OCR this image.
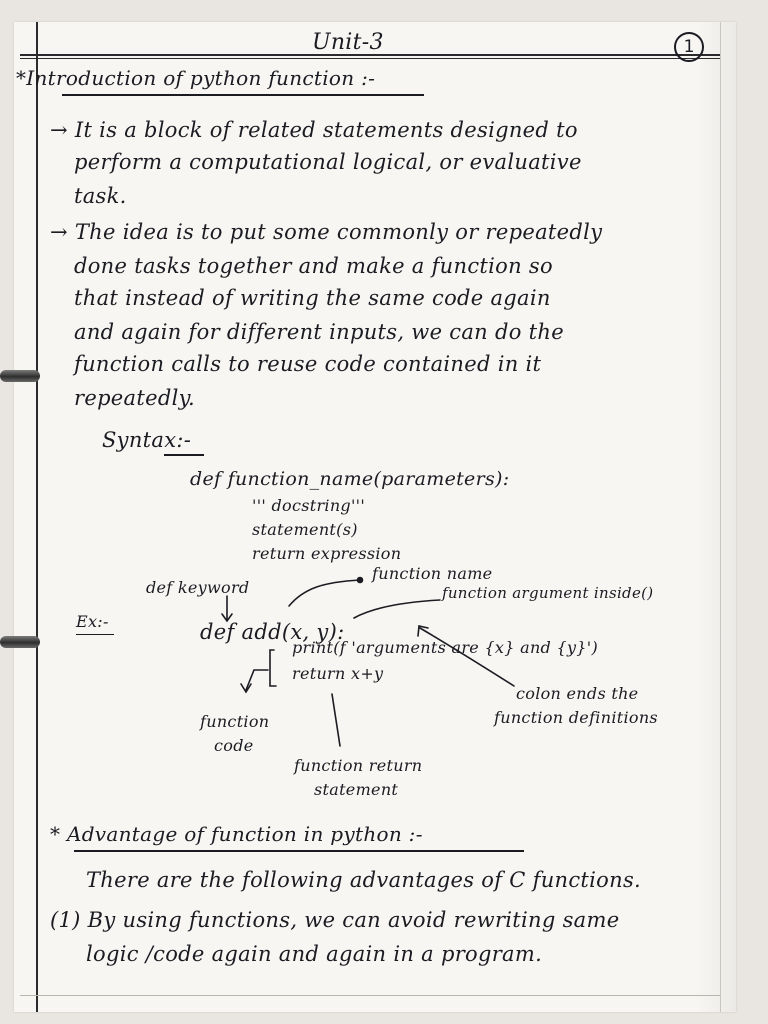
Unit-3	1
*Introduction of python function :-
→ It is a block of related statements designed to
perform a computational logical, or evaluative
task.
→ The idea is to put some commonly or repeatedly
done tasks together and make a function so
that instead of writing the same code again
and again for different inputs, we can do the
function calls to reuse code contained in it
repeatedly.
Syntax:-
def function_name(parameters):
''' docstring'''
statement(s)
return expression
def keyword
function name
function argument inside()
Ex:-	def add(x, y):
print(f 'arguments are {x} and {y}')
return x+y
colon ends the
function definitions
function
code
function return
statement
* Advantage of function in python :-
There are the following advantages of C functions.
(1) By using functions, we can avoid rewriting same
logic /code again and again in a program.
